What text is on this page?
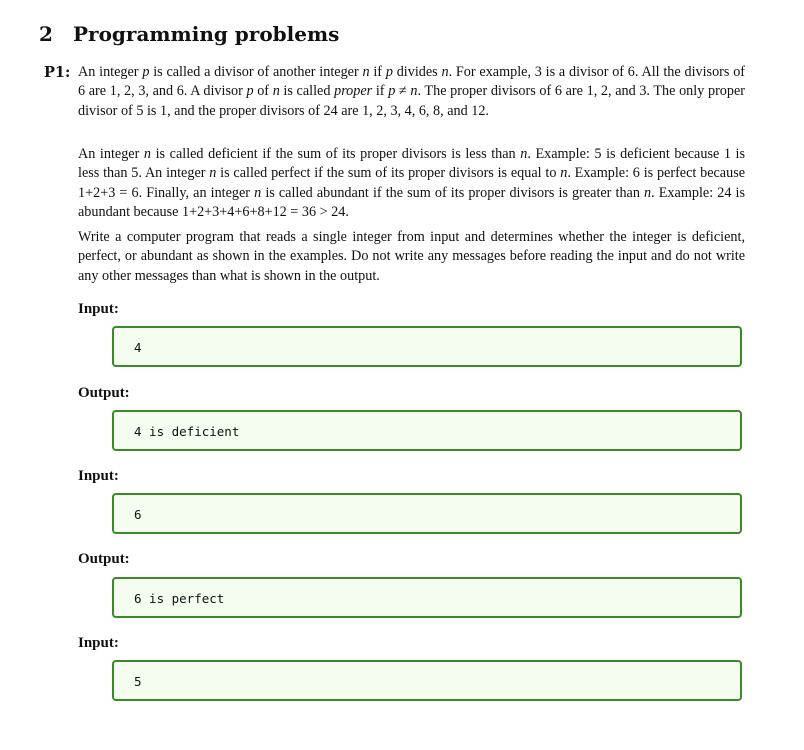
2 Programming problems
P1: An integer p is called a divisor of another integer n if p divides n. For example, 3 is a divisor of 6. All the divisors of 6 are 1, 2, 3, and 6. A divisor p of n is called proper if p ≠ n. The proper divisors of 6 are 1, 2, and 3. The only proper divisor of 5 is 1, and the proper divisors of 24 are 1, 2, 3, 4, 6, 8, and 12.

An integer n is called deficient if the sum of its proper divisors is less than n. Example: 5 is deficient because 1 is less than 5. An integer n is called perfect if the sum of its proper divisors is equal to n. Example: 6 is perfect because 1+2+3 = 6. Finally, an integer n is called abundant if the sum of its proper divisors is greater than n. Example: 24 is abundant because 1+2+3+4+6+8+12 = 36 > 24.

Write a computer program that reads a single integer from input and determines whether the integer is deficient, perfect, or abundant as shown in the examples. Do not write any messages before reading the input and do not write any other messages than what is shown in the output.

Input:
4
Output:
4 is deficient
Input:
6
Output:
6 is perfect
Input:
5
